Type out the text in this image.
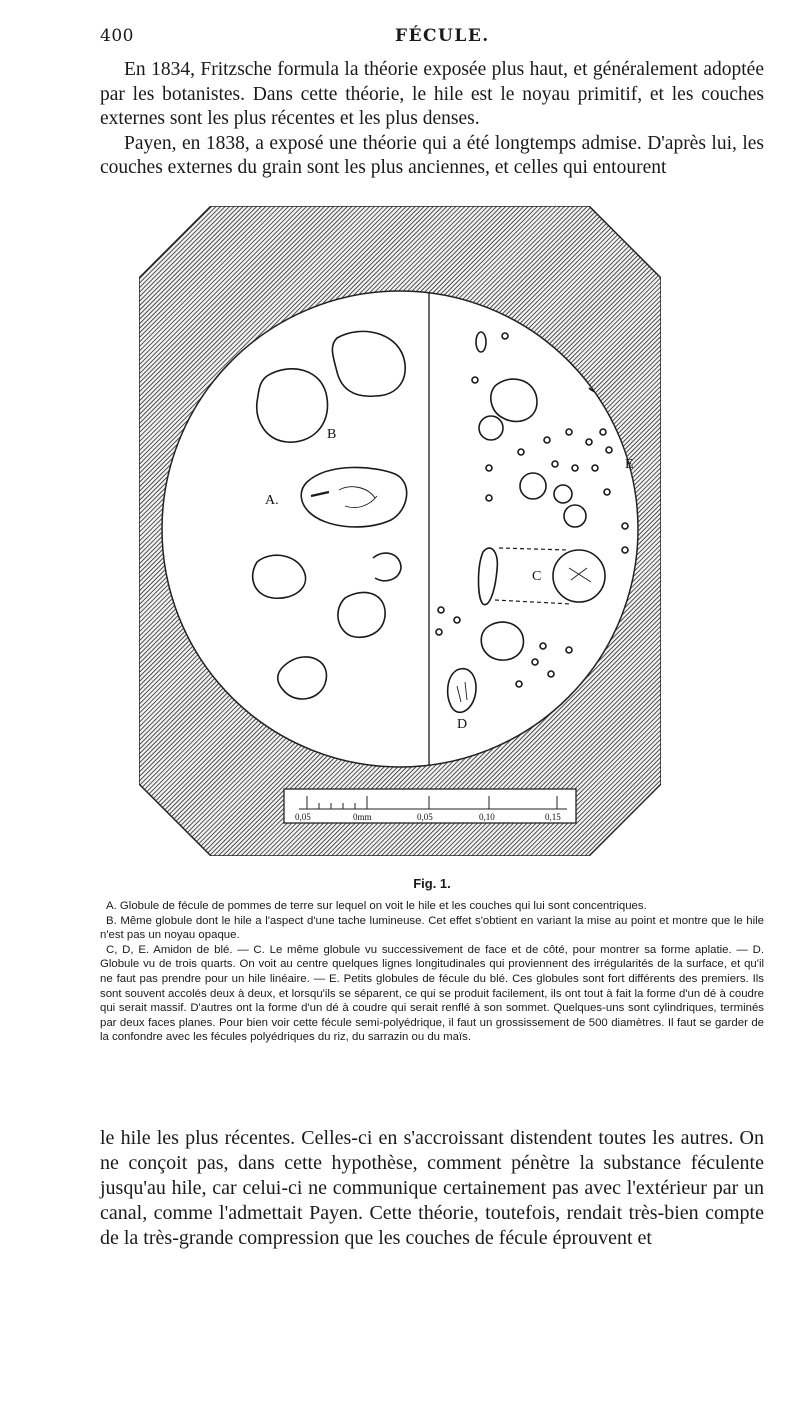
400	FÉCULE.

En 1834, Fritzsche formula la théorie exposée plus haut, et généralement adoptée par les botanistes. Dans cette théorie, le hile est le noyau primitif, et les couches externes sont les plus récentes et les plus denses.

Payen, en 1838, a exposé une théorie qui a été longtemps admise. D'après lui, les couches externes du grain sont les plus anciennes, et celles qui entourent

A.
B
C
D
E
0,05	0mm	0,05	0,10	0,15
Fig. 1.

A. Globule de fécule de pommes de terre sur lequel on voit le hile et les couches qui lui sont concentriques.

B. Même globule dont le hile a l'aspect d'une tache lumineuse. Cet effet s'obtient en variant la mise au point et montre que le hile n'est pas un noyau opaque.

C, D, E. Amidon de blé. — C. Le même globule vu successivement de face et de côté, pour montrer sa forme aplatie. — D. Globule vu de trois quarts. On voit au centre quelques lignes longitudinales qui proviennent des irrégularités de la surface, et qu'il ne faut pas prendre pour un hile linéaire. — E. Petits globules de fécule du blé. Ces globules sont fort différents des premiers. Ils sont souvent accolés deux à deux, et lorsqu'ils se séparent, ce qui se produit facilement, ils ont tout à fait la forme d'un dé à coudre qui serait massif. D'autres ont la forme d'un dé à coudre qui serait renflé à son sommet. Quelques-uns sont cylindriques, terminés par deux faces planes. Pour bien voir cette fécule semi-polyédrique, il faut un grossissement de 500 diamètres. Il faut se garder de la confondre avec les fécules polyédriques du riz, du sarrazin ou du maïs.

le hile les plus récentes. Celles-ci en s'accroissant distendent toutes les autres. On ne conçoit pas, dans cette hypothèse, comment pénètre la substance féculente jusqu'au hile, car celui-ci ne communique certainement pas avec l'extérieur par un canal, comme l'admettait Payen. Cette théorie, toutefois, rendait très-bien compte de la très-grande compression que les couches de fécule éprouvent et
